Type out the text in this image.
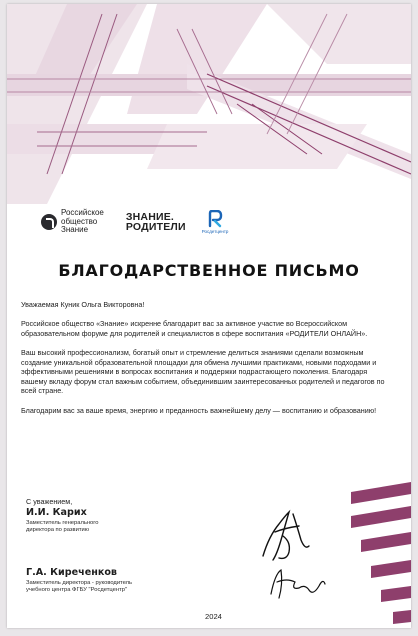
Российское
общество
Знание
ЗНАНИЕ.
РОДИТЕЛИ	Росдетцентр
БЛАГОДАРСТВЕННОЕ ПИСЬМО

Уважаемая Куник Ольга Викторовна!

Российское общество «Знание» искренне благодарит вас за активное участие во Всероссийском образовательном форуме для родителей и специалистов в сфере воспитания «РОДИТЕЛИ ОНЛАЙН».

Ваш высокий профессионализм, богатый опыт и стремление делиться знаниями сделали возможным создание уникальной образовательной площадки для обмена лучшими практиками, новыми подходами и эффективными решениями в вопросах воспитания и поддержки подрастающего поколения. Благодаря вашему вкладу форум стал важным событием, объединившим заинтересованных родителей и педагогов по всей стране.

Благодарим вас за ваше время, энергию и преданность важнейшему делу — воспитанию и образованию!

С уважением,
И.И. Карих
Заместитель генерального
директора по развитию
Г.А. Киреченков
Заместитель директора - руководитель
учебного центра ФГБУ "Росдетцентр"
2024
